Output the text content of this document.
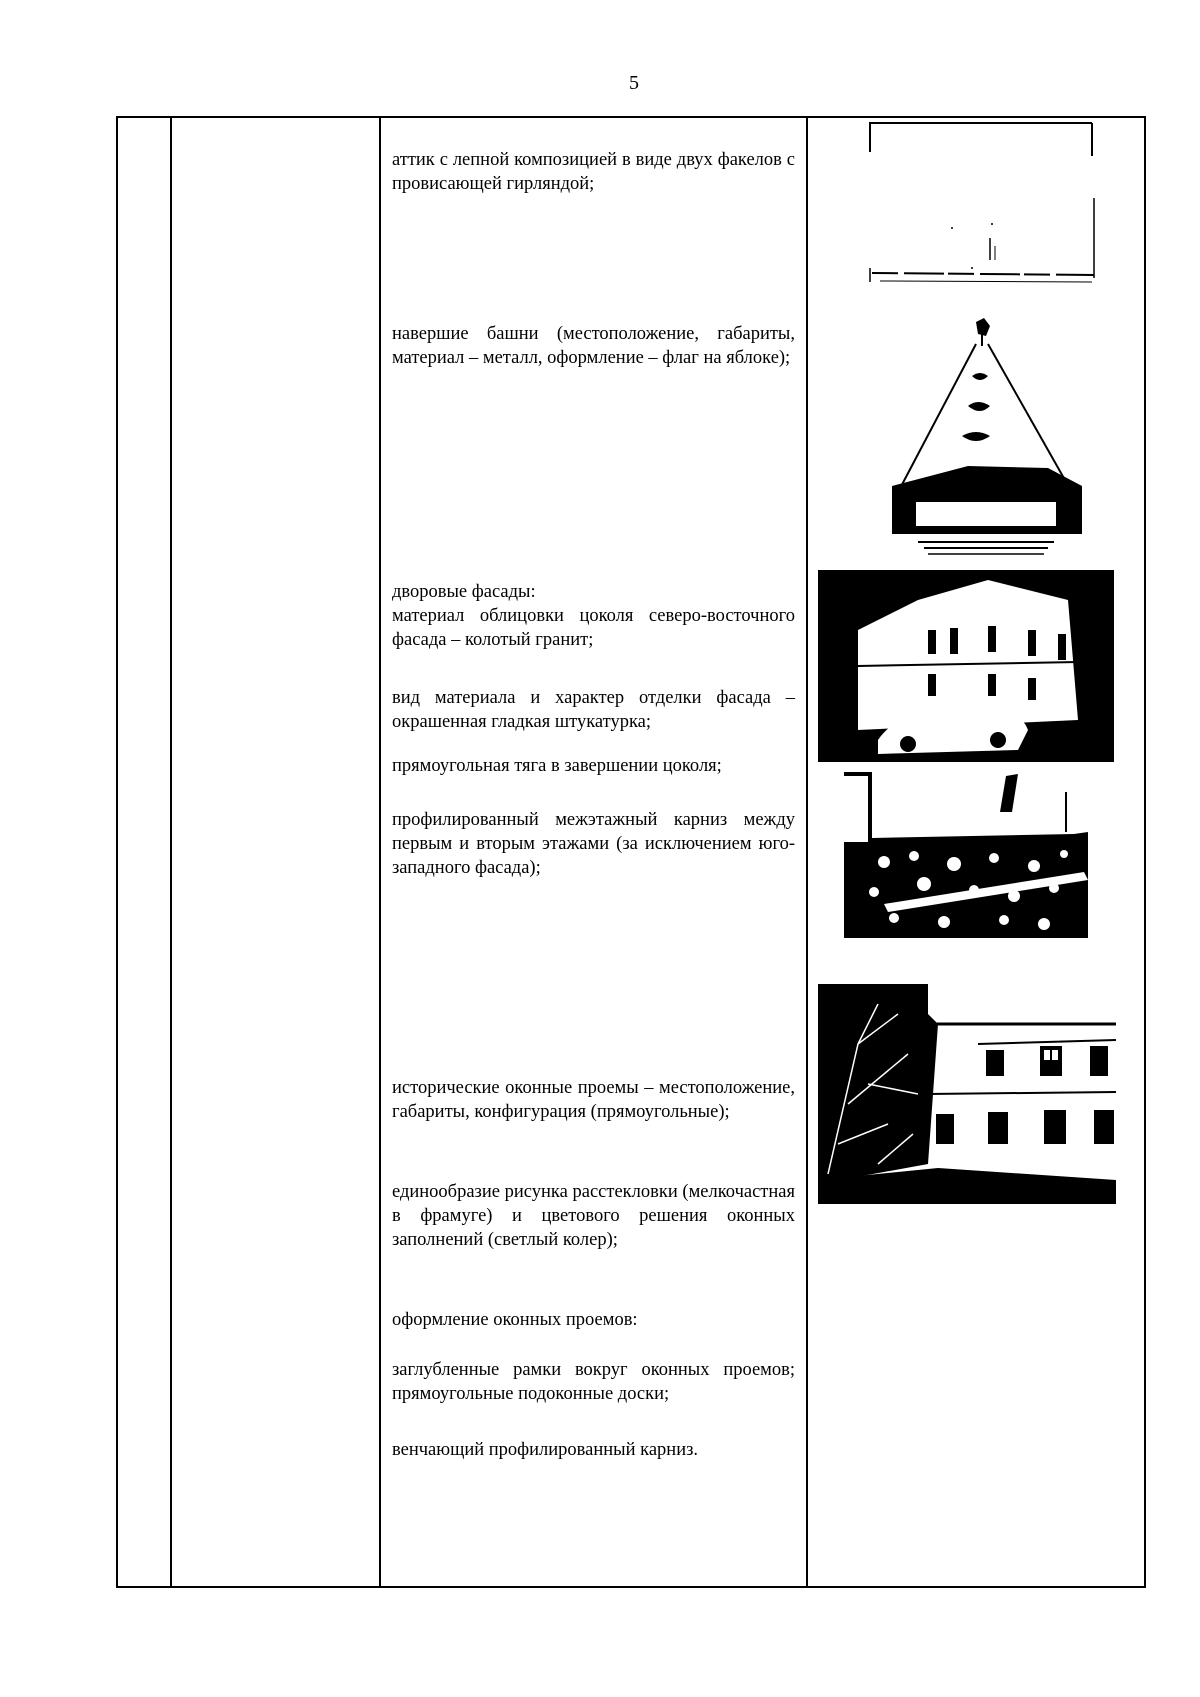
5

аттик с лепной композицией в виде двух факелов с провисающей гирляндой;

навершие башни (местоположение, габариты, материал – металл, оформление – флаг на яблоке);

дворовые фасады:

материал облицовки цоколя северо-восточного фасада – колотый гранит;

вид материала и характер отделки фасада – окрашенная гладкая штукатурка;

прямоугольная тяга в завершении цоколя;

профилированный межэтажный карниз между первым и вторым этажами (за исключением юго-западного фасада);

исторические оконные проемы – местоположение, габариты, конфигурация (прямоугольные);

единообразие рисунка расстекловки (мелкочастная в фрамуге) и цветового решения оконных заполнений (светлый колер);

оформление оконных проемов:

заглубленные рамки вокруг оконных проемов; прямоугольные подоконные доски;

венчающий профилированный карниз.
